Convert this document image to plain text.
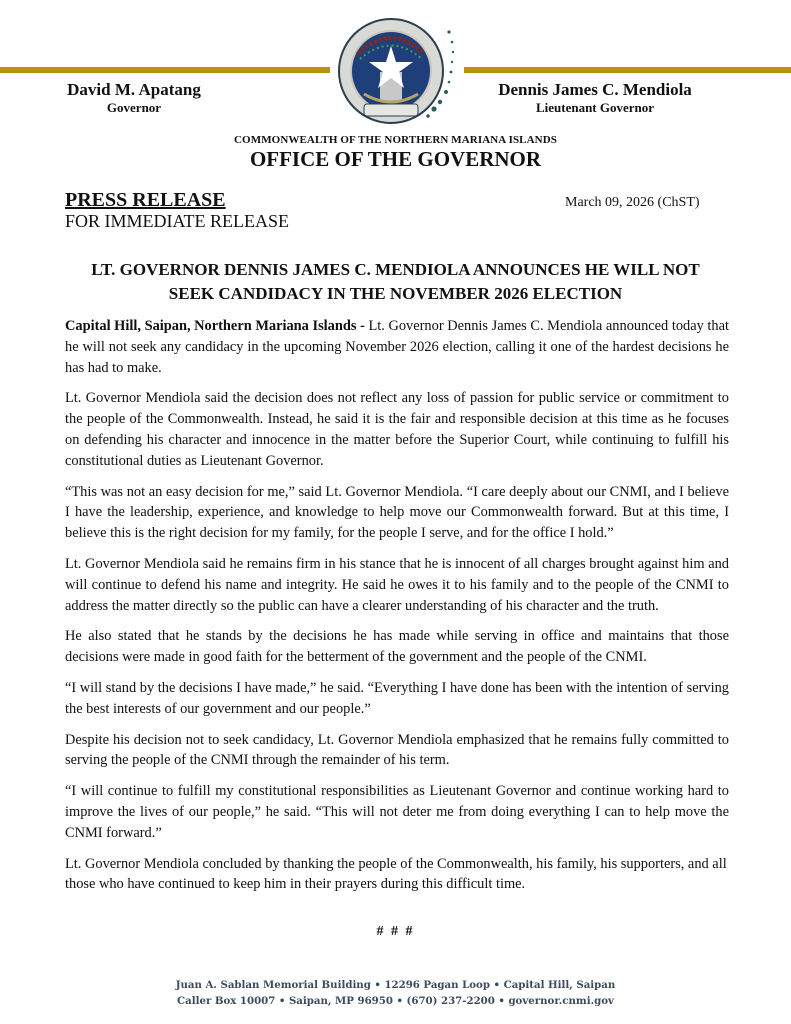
David M. Apatang
Governor
Dennis James C. Mendiola
Lieutenant Governor
COMMONWEALTH OF THE NORTHERN MARIANA ISLANDS
OFFICE OF THE GOVERNOR
PRESS RELEASE
FOR IMMEDIATE RELEASE
March 09, 2026 (ChST)
LT. GOVERNOR DENNIS JAMES C. MENDIOLA ANNOUNCES HE WILL NOT
SEEK CANDIDACY IN THE NOVEMBER 2026 ELECTION

Capital Hill, Saipan, Northern Mariana Islands - Lt. Governor Dennis James C. Mendiola announced today that he will not seek any candidacy in the upcoming November 2026 election, calling it one of the hardest decisions he has had to make.

Lt. Governor Mendiola said the decision does not reflect any loss of passion for public service or commitment to the people of the Commonwealth. Instead, he said it is the fair and responsible decision at this time as he focuses on defending his character and innocence in the matter before the Superior Court, while continuing to fulfill his constitutional duties as Lieutenant Governor.

“This was not an easy decision for me,” said Lt. Governor Mendiola. “I care deeply about our CNMI, and I believe I have the leadership, experience, and knowledge to help move our Commonwealth forward. But at this time, I believe this is the right decision for my family, for the people I serve, and for the office I hold.”

Lt. Governor Mendiola said he remains firm in his stance that he is innocent of all charges brought against him and will continue to defend his name and integrity. He said he owes it to his family and to the people of the CNMI to address the matter directly so the public can have a clearer understanding of his character and the truth.

He also stated that he stands by the decisions he has made while serving in office and maintains that those decisions were made in good faith for the betterment of the government and the people of the CNMI.

“I will stand by the decisions I have made,” he said. “Everything I have done has been with the intention of serving the best interests of our government and our people.”

Despite his decision not to seek candidacy, Lt. Governor Mendiola emphasized that he remains fully committed to serving the people of the CNMI through the remainder of his term.

“I will continue to fulfill my constitutional responsibilities as Lieutenant Governor and continue working hard to improve the lives of our people,” he said. “This will not deter me from doing everything I can to help move the CNMI forward.”

Lt. Governor Mendiola concluded by thanking the people of the Commonwealth, his family, his supporters, and all those who have continued to keep him in their prayers during this difficult time.

# # #
Juan A. Sablan Memorial Building • 12296 Pagan Loop • Capital Hill, Saipan
Caller Box 10007 • Saipan, MP 96950 • (670) 237-2200 • governor.cnmi.gov
